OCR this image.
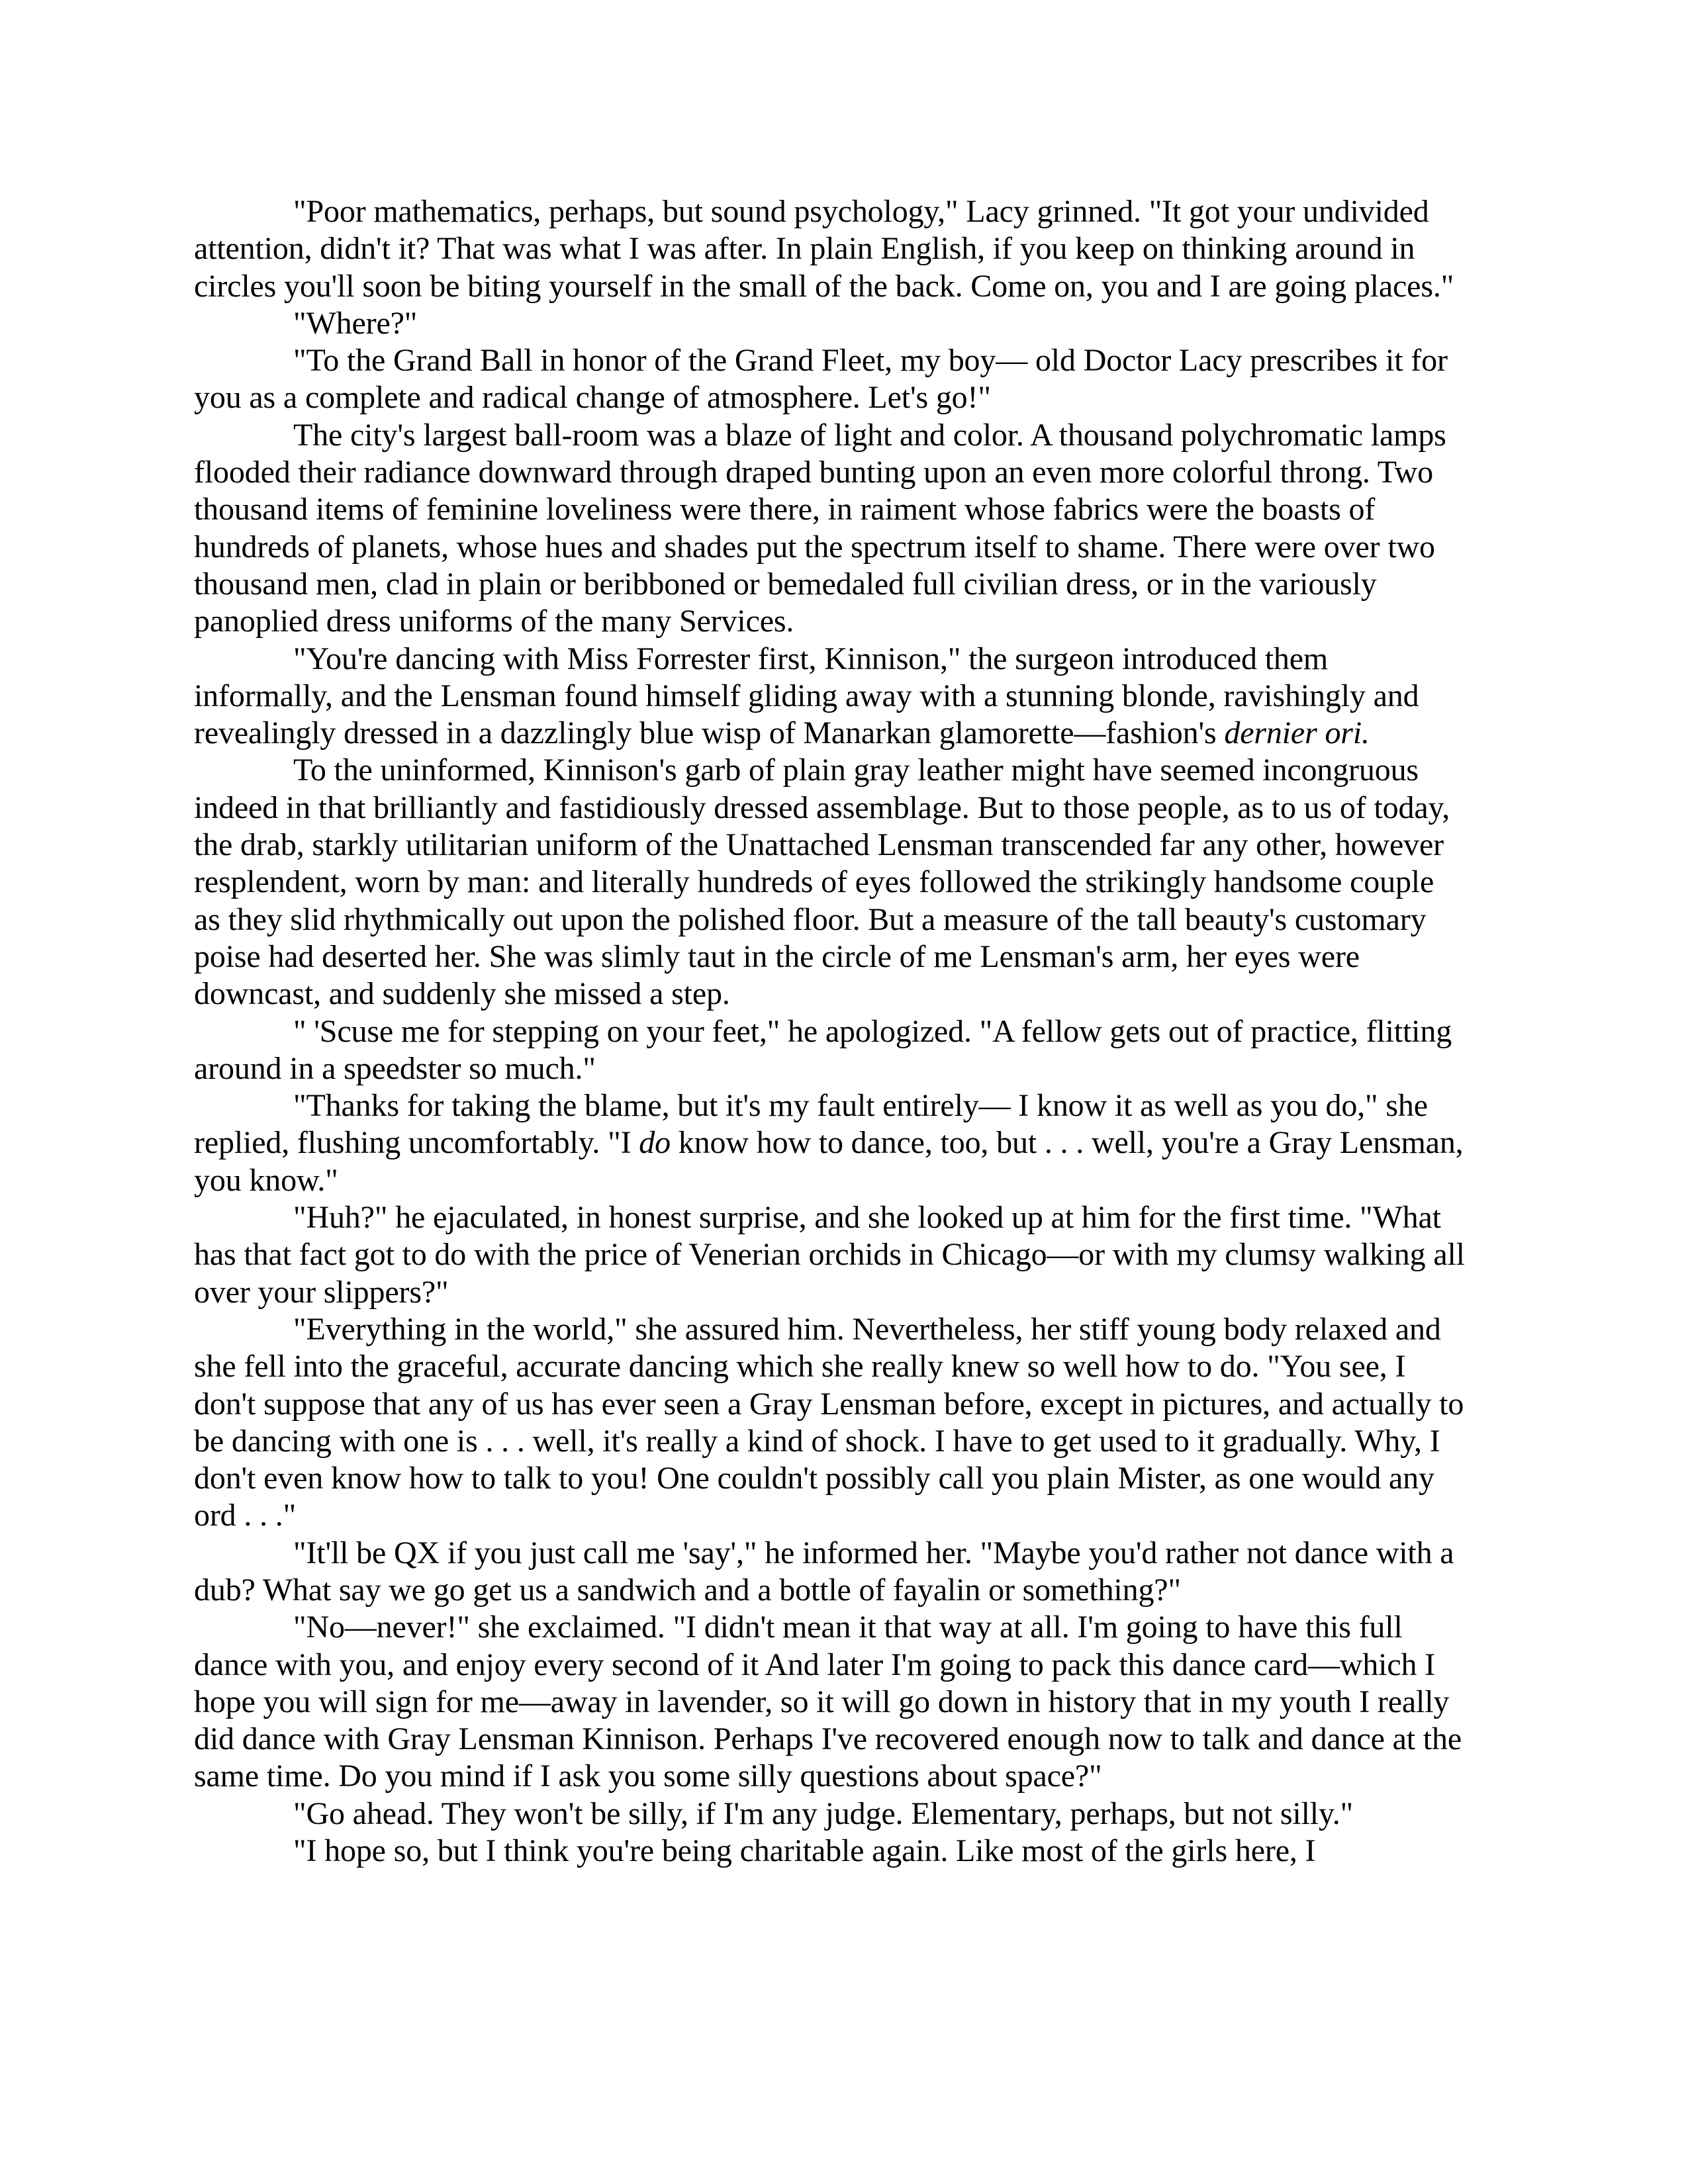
"Poor mathematics, perhaps, but sound psychology," Lacy grinned. "It got your undivided attention, didn't it? That was what I was after. In plain English, if you keep on thinking around in circles you'll soon be biting yourself in the small of the back. Come on, you and I are going places."

"Where?"

"To the Grand Ball in honor of the Grand Fleet, my boy— old Doctor Lacy prescribes it for you as a complete and radical change of atmosphere. Let's go!"

The city's largest ball-room was a blaze of light and color. A thousand polychromatic lamps flooded their radiance downward through draped bunting upon an even more colorful throng. Two thousand items of feminine loveliness were there, in raiment whose fabrics were the boasts of hundreds of planets, whose hues and shades put the spectrum itself to shame. There were over two thousand men, clad in plain or beribboned or bemedaled full civilian dress, or in the variously panoplied dress uniforms of the many Services.

"You're dancing with Miss Forrester first, Kinnison," the surgeon introduced them informally, and the Lensman found himself gliding away with a stunning blonde, ravishingly and revealingly dressed in a dazzlingly blue wisp of Manarkan glamorette—fashion's dernier ori.

To the uninformed, Kinnison's garb of plain gray leather might have seemed incongruous indeed in that brilliantly and fastidiously dressed assemblage. But to those people, as to us of today, the drab, starkly utilitarian uniform of the Unattached Lensman transcended far any other, however resplendent, worn by man: and literally hundreds of eyes followed the strikingly handsome couple as they slid rhythmically out upon the polished floor. But a measure of the tall beauty's customary poise had deserted her. She was slimly taut in the circle of me Lensman's arm, her eyes were downcast, and suddenly she missed a step.

" 'Scuse me for stepping on your feet," he apologized. "A fellow gets out of practice, flitting around in a speedster so much."

"Thanks for taking the blame, but it's my fault entirely— I know it as well as you do," she replied, flushing uncomfortably. "I do know how to dance, too, but . . . well, you're a Gray Lensman, you know."

"Huh?" he ejaculated, in honest surprise, and she looked up at him for the first time. "What has that fact got to do with the price of Venerian orchids in Chicago—or with my clumsy walking all over your slippers?"

"Everything in the world," she assured him. Nevertheless, her stiff young body relaxed and she fell into the graceful, accurate dancing which she really knew so well how to do. "You see, I don't suppose that any of us has ever seen a Gray Lensman before, except in pictures, and actually to be dancing with one is . . . well, it's really a kind of shock. I have to get used to it gradually. Why, I don't even know how to talk to you! One couldn't possibly call you plain Mister, as one would any ord . . ."

"It'll be QX if you just call me 'say'," he informed her. "Maybe you'd rather not dance with a dub? What say we go get us a sandwich and a bottle of fayalin or something?"

"No—never!" she exclaimed. "I didn't mean it that way at all. I'm going to have this full dance with you, and enjoy every second of it And later I'm going to pack this dance card—which I hope you will sign for me—away in lavender, so it will go down in history that in my youth I really did dance with Gray Lensman Kinnison. Perhaps I've recovered enough now to talk and dance at the same time. Do you mind if I ask you some silly questions about space?"

"Go ahead. They won't be silly, if I'm any judge. Elementary, perhaps, but not silly."

"I hope so, but I think you're being charitable again. Like most of the girls here, I
